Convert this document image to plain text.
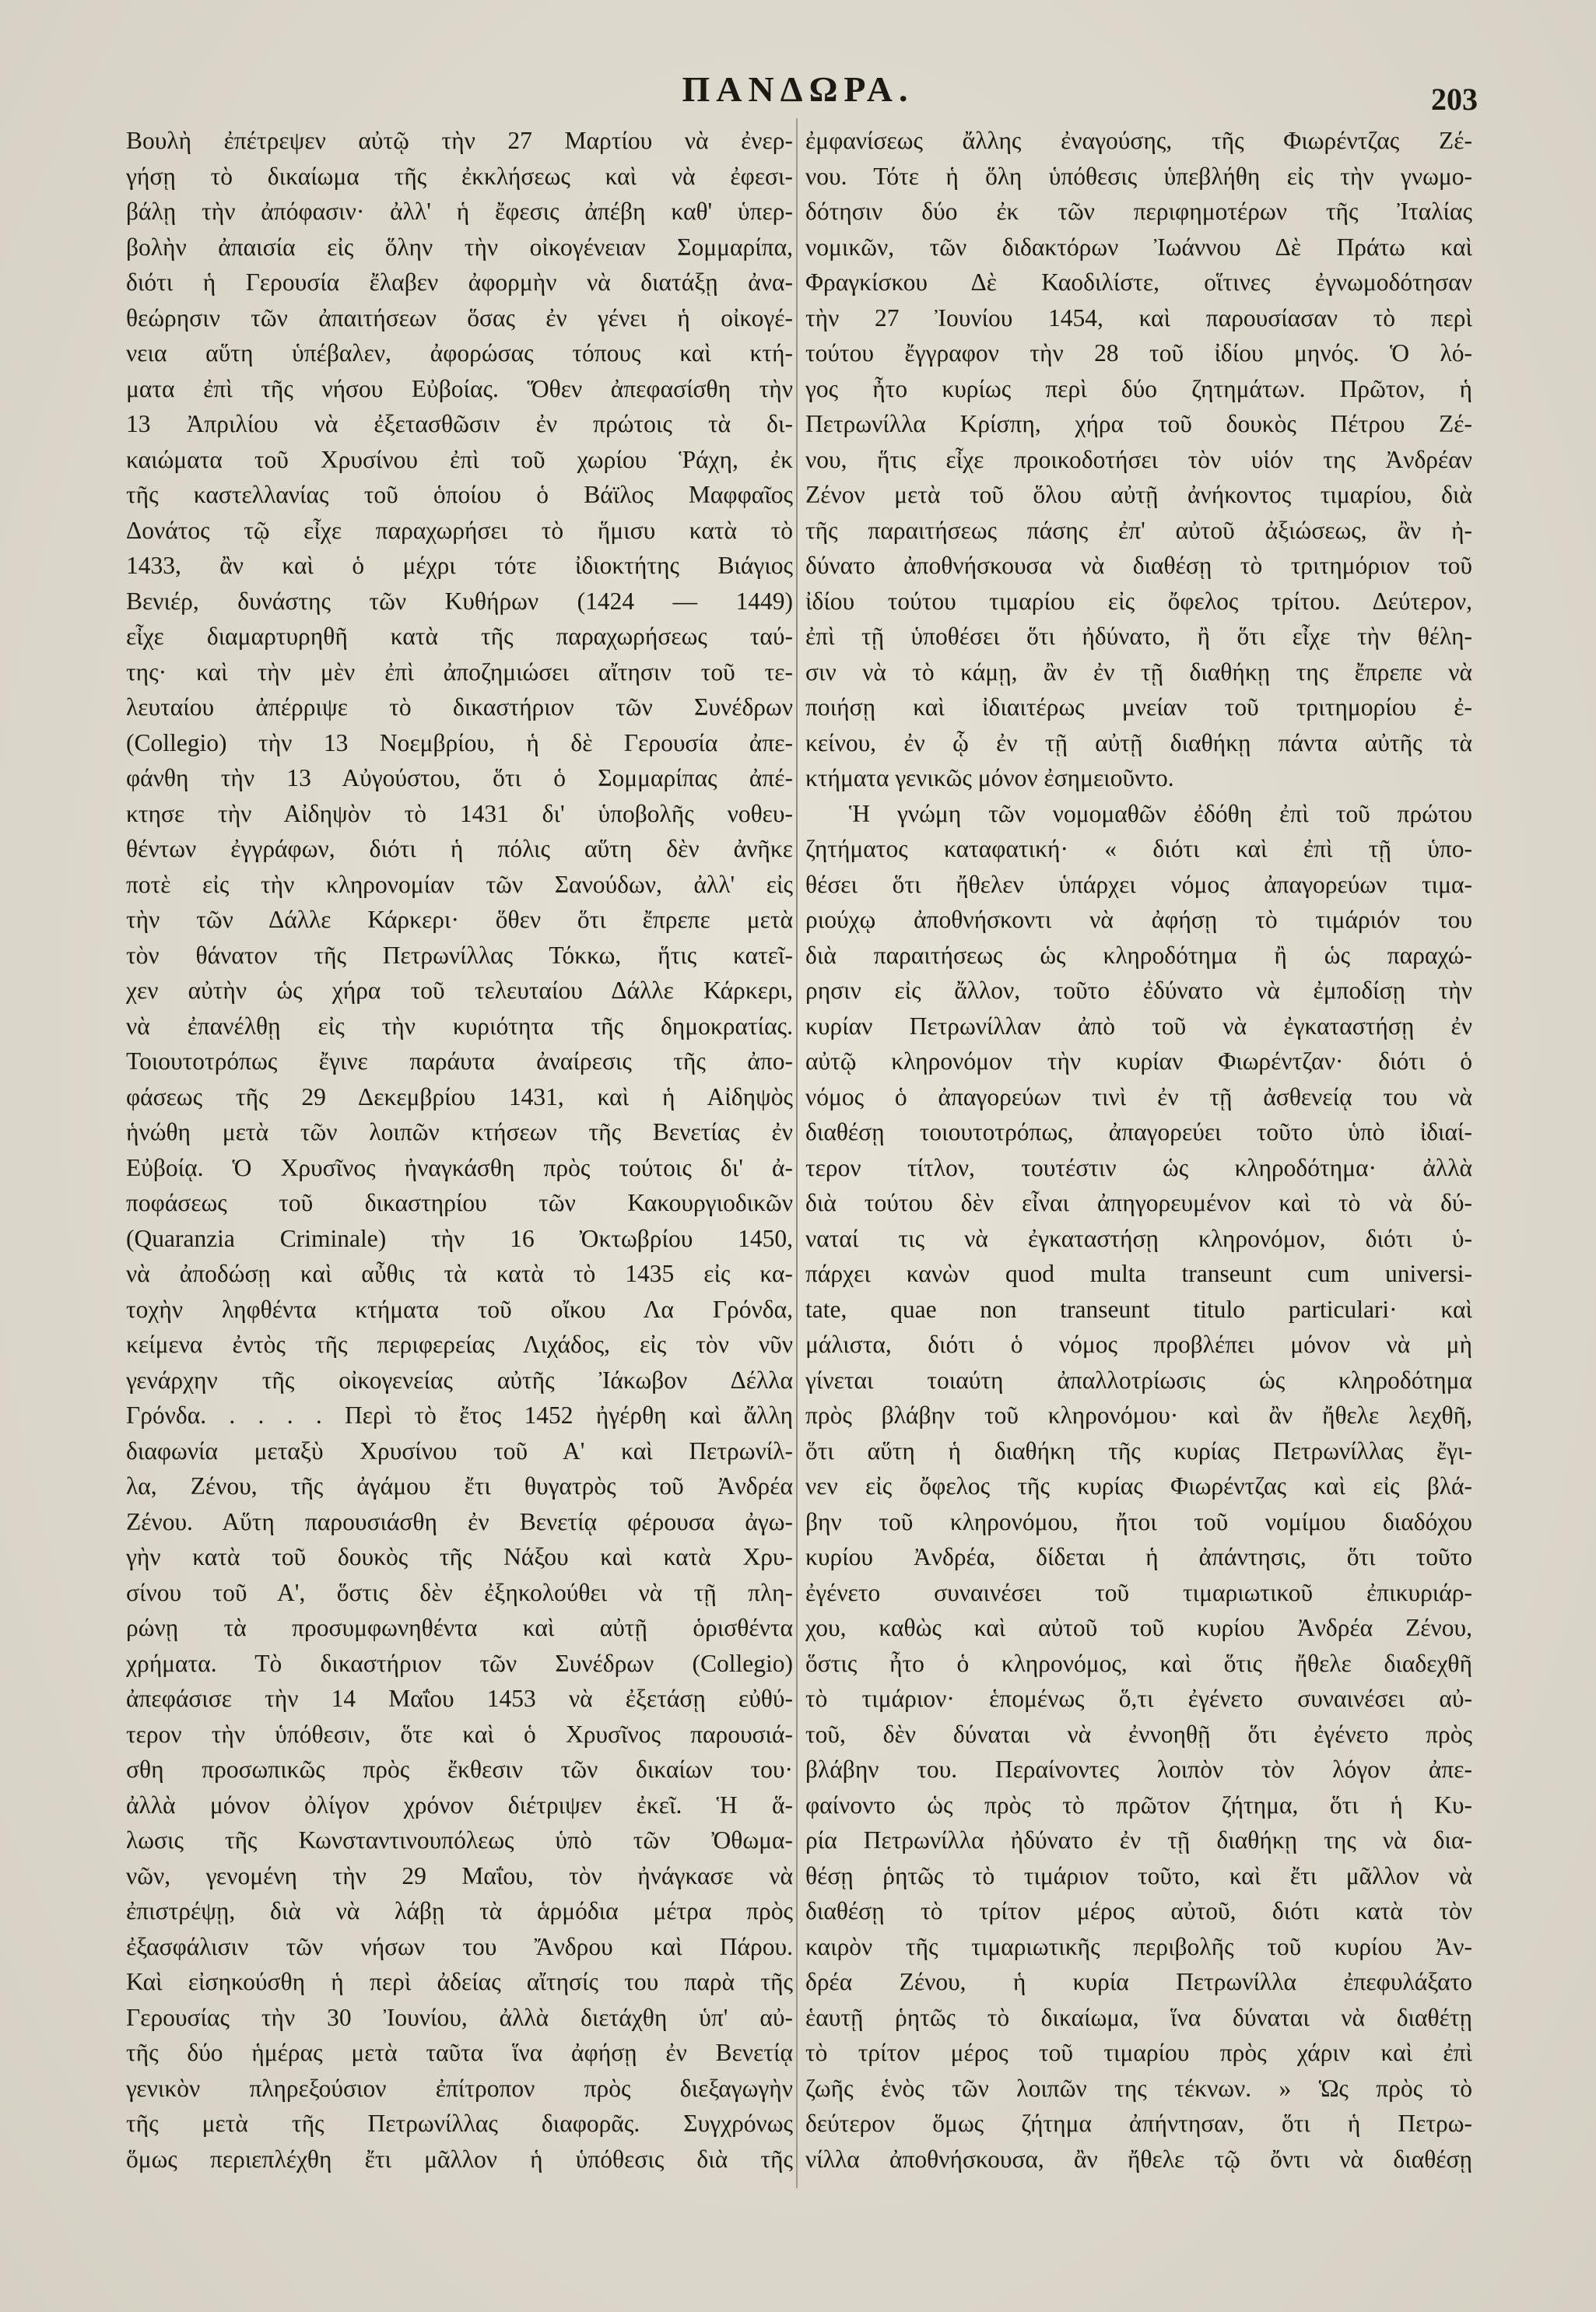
ΠΑΝΔΩΡΑ.	203

Βουλὴ ἐπέτρεψεν αὐτῷ τὴν 27 Μαρτίου νὰ ἐνερ-

γήσῃ τὸ δικαίωμα τῆς ἐκκλήσεως καὶ νὰ ἐφεσι-

βάλῃ τὴν ἀπόφασιν· ἀλλ' ἡ ἔφεσις ἀπέβη καθ' ὑπερ-

βολὴν ἀπαισία εἰς ὅλην τὴν οἰκογένειαν Σομμαρίπα,

διότι ἡ Γερουσία ἔλαβεν ἀφορμὴν νὰ διατάξῃ ἀνα-

θεώρησιν τῶν ἀπαιτήσεων ὅσας ἐν γένει ἡ οἰκογέ-

νεια αὕτη ὑπέβαλεν, ἀφορώσας τόπους καὶ κτή-

ματα ἐπὶ τῆς νήσου Εὐβοίας. Ὅθεν ἀπεφασίσθη τὴν

13 Ἀπριλίου νὰ ἐξετασθῶσιν ἐν πρώτοις τὰ δι-

καιώματα τοῦ Χρυσίνου ἐπὶ τοῦ χωρίου Ῥάχη, ἐκ

τῆς καστελλανίας τοῦ ὁποίου ὁ Βάϊλος Μαφφαῖος

Δονάτος τῷ εἶχε παραχωρήσει τὸ ἥμισυ κατὰ τὸ

1433, ἂν καὶ ὁ μέχρι τότε ἰδιοκτήτης Βιάγιος

Βενιέρ, δυνάστης τῶν Κυθήρων (1424 — 1449)

εἶχε διαμαρτυρηθῆ κατὰ τῆς παραχωρήσεως ταύ-

της· καὶ τὴν μὲν ἐπὶ ἀποζημιώσει αἴτησιν τοῦ τε-

λευταίου ἀπέρριψε τὸ δικαστήριον τῶν Συνέδρων

(Collegio) τὴν 13 Νοεμβρίου, ἡ δὲ Γερουσία ἀπε-

φάνθη τὴν 13 Αὐγούστου, ὅτι ὁ Σομμαρίπας ἀπέ-

κτησε τὴν Αἰδηψὸν τὸ 1431 δι' ὑποβολῆς νοθευ-

θέντων ἐγγράφων, διότι ἡ πόλις αὕτη δὲν ἀνῆκε

ποτὲ εἰς τὴν κληρονομίαν τῶν Σανούδων, ἀλλ' εἰς

τὴν τῶν Δάλλε Κάρκερι· ὅθεν ὅτι ἔπρεπε μετὰ

τὸν θάνατον τῆς Πετρωνίλλας Τόκκω, ἥτις κατεῖ-

χεν αὐτὴν ὡς χήρα τοῦ τελευταίου Δάλλε Κάρκερι,

νὰ ἐπανέλθῃ εἰς τὴν κυριότητα τῆς δημοκρατίας.

Τοιουτοτρόπως ἔγινε παράυτα ἀναίρεσις τῆς ἀπο-

φάσεως τῆς 29 Δεκεμβρίου 1431, καὶ ἡ Αἰδηψὸς

ἡνώθη μετὰ τῶν λοιπῶν κτήσεων τῆς Βενετίας ἐν

Εὐβοίᾳ. Ὁ Χρυσῖνος ἠναγκάσθη πρὸς τούτοις δι' ἀ-

ποφάσεως τοῦ δικαστηρίου τῶν Κακουργιοδικῶν

(Quaranzia Criminale) τὴν 16 Ὀκτωβρίου 1450,

νὰ ἀποδώσῃ καὶ αὖθις τὰ κατὰ τὸ 1435 εἰς κα-

τοχὴν ληφθέντα κτήματα τοῦ οἴκου Λα Γρόνδα,

κείμενα ἐντὸς τῆς περιφερείας Λιχάδος, εἰς τὸν νῦν

γενάρχην τῆς οἰκογενείας αὐτῆς Ἰάκωβον Δέλλα

Γρόνδα. . . . . Περὶ τὸ ἔτος 1452 ἠγέρθη καὶ ἄλλη

διαφωνία μεταξὺ Χρυσίνου τοῦ Α' καὶ Πετρωνίλ-

λα, Ζένου, τῆς ἀγάμου ἔτι θυγατρὸς τοῦ Ἀνδρέα

Ζένου. Αὕτη παρουσιάσθη ἐν Βενετίᾳ φέρουσα ἀγω-

γὴν κατὰ τοῦ δουκὸς τῆς Νάξου καὶ κατὰ Χρυ-

σίνου τοῦ Α', ὅστις δὲν ἐξηκολούθει νὰ τῇ πλη-

ρώνῃ τὰ προσυμφωνηθέντα καὶ αὐτῇ ὁρισθέντα

χρήματα. Τὸ δικαστήριον τῶν Συνέδρων (Collegio)

ἀπεφάσισε τὴν 14 Μαΐου 1453 νὰ ἐξετάσῃ εὐθύ-

τερον τὴν ὑπόθεσιν, ὅτε καὶ ὁ Χρυσῖνος παρουσιά-

σθη προσωπικῶς πρὸς ἔκθεσιν τῶν δικαίων του·

ἀλλὰ μόνον ὀλίγον χρόνον διέτριψεν ἐκεῖ. Ἡ ἅ-

λωσις τῆς Κωνσταντινουπόλεως ὑπὸ τῶν Ὀθωμα-

νῶν, γενομένη τὴν 29 Μαΐου, τὸν ἠνάγκασε νὰ

ἐπιστρέψῃ, διὰ νὰ λάβῃ τὰ ἁρμόδια μέτρα πρὸς

ἐξασφάλισιν τῶν νήσων του Ἄνδρου καὶ Πάρου.

Καὶ εἰσηκούσθη ἡ περὶ ἀδείας αἴτησίς του παρὰ τῆς

Γερουσίας τὴν 30 Ἰουνίου, ἀλλὰ διετάχθη ὑπ' αὐ-

τῆς δύο ἡμέρας μετὰ ταῦτα ἵνα ἀφήσῃ ἐν Βενετίᾳ

γενικὸν πληρεξούσιον ἐπίτροπον πρὸς διεξαγωγὴν

τῆς μετὰ τῆς Πετρωνίλλας διαφορᾶς. Συγχρόνως

ὅμως περιεπλέχθη ἔτι μᾶλλον ἡ ὑπόθεσις διὰ τῆς

ἐμφανίσεως ἄλλης ἐναγούσης, τῆς Φιωρέντζας Ζέ-

νου. Τότε ἡ ὅλη ὑπόθεσις ὑπεβλήθη εἰς τὴν γνωμο-

δότησιν δύο ἐκ τῶν περιφημοτέρων τῆς Ἰταλίας

νομικῶν, τῶν διδακτόρων Ἰωάννου Δὲ Πράτω καὶ

Φραγκίσκου Δὲ Καοδιλίστε, οἵτινες ἐγνωμοδότησαν

τὴν 27 Ἰουνίου 1454, καὶ παρουσίασαν τὸ περὶ

τούτου ἔγγραφον τὴν 28 τοῦ ἰδίου μηνός. Ὁ λό-

γος ἦτο κυρίως περὶ δύο ζητημάτων. Πρῶτον, ἡ

Πετρωνίλλα Κρίσπη, χήρα τοῦ δουκὸς Πέτρου Ζέ-

νου, ἥτις εἶχε προικοδοτήσει τὸν υἱόν της Ἀνδρέαν

Ζένον μετὰ τοῦ ὅλου αὐτῇ ἀνήκοντος τιμαρίου, διὰ

τῆς παραιτήσεως πάσης ἐπ' αὐτοῦ ἀξιώσεως, ἂν ἠ-

δύνατο ἀποθνήσκουσα νὰ διαθέσῃ τὸ τριτημόριον τοῦ

ἰδίου τούτου τιμαρίου εἰς ὄφελος τρίτου. Δεύτερον,

ἐπὶ τῇ ὑποθέσει ὅτι ἠδύνατο, ἢ ὅτι εἶχε τὴν θέλη-

σιν νὰ τὸ κάμῃ, ἂν ἐν τῇ διαθήκῃ της ἔπρεπε νὰ

ποιήσῃ καὶ ἰδιαιτέρως μνείαν τοῦ τριτημορίου ἐ-

κείνου, ἐν ᾧ ἐν τῇ αὐτῇ διαθήκῃ πάντα αὐτῆς τὰ

κτήματα γενικῶς μόνον ἐσημειοῦντο.

Ἡ γνώμη τῶν νομομαθῶν ἐδόθη ἐπὶ τοῦ πρώτου

ζητήματος καταφατική· « διότι καὶ ἐπὶ τῇ ὑπο-

θέσει ὅτι ἤθελεν ὑπάρχει νόμος ἀπαγορεύων τιμα-

ριούχῳ ἀποθνήσκοντι νὰ ἀφήσῃ τὸ τιμάριόν του

διὰ παραιτήσεως ὡς κληροδότημα ἢ ὡς παραχώ-

ρησιν εἰς ἄλλον, τοῦτο ἐδύνατο νὰ ἐμποδίσῃ τὴν

κυρίαν Πετρωνίλλαν ἀπὸ τοῦ νὰ ἐγκαταστήσῃ ἐν

αὐτῷ κληρονόμον τὴν κυρίαν Φιωρέντζαν· διότι ὁ

νόμος ὁ ἀπαγορεύων τινὶ ἐν τῇ ἀσθενείᾳ του νὰ

διαθέσῃ τοιουτοτρόπως, ἀπαγορεύει τοῦτο ὑπὸ ἰδιαί-

τερον τίτλον, τουτέστιν ὡς κληροδότημα· ἀλλὰ

διὰ τούτου δὲν εἶναι ἀπηγορευμένον καὶ τὸ νὰ δύ-

ναταί τις νὰ ἐγκαταστήσῃ κληρονόμον, διότι ὑ-

πάρχει κανὼν quod multa transeunt cum universi-

tate, quae non transeunt titulo particulari· καὶ

μάλιστα, διότι ὁ νόμος προβλέπει μόνον νὰ μὴ

γίνεται τοιαύτη ἀπαλλοτρίωσις ὡς κληροδότημα

πρὸς βλάβην τοῦ κληρονόμου· καὶ ἂν ἤθελε λεχθῆ,

ὅτι αὕτη ἡ διαθήκη τῆς κυρίας Πετρωνίλλας ἔγι-

νεν εἰς ὄφελος τῆς κυρίας Φιωρέντζας καὶ εἰς βλά-

βην τοῦ κληρονόμου, ἤτοι τοῦ νομίμου διαδόχου

κυρίου Ἀνδρέα, δίδεται ἡ ἀπάντησις, ὅτι τοῦτο

ἐγένετο συναινέσει τοῦ τιμαριωτικοῦ ἐπικυριάρ-

χου, καθὼς καὶ αὐτοῦ τοῦ κυρίου Ἀνδρέα Ζένου,

ὅστις ἦτο ὁ κληρονόμος, καὶ ὅτις ἤθελε διαδεχθῆ

τὸ τιμάριον· ἑπομένως ὅ,τι ἐγένετο συναινέσει αὐ-

τοῦ, δὲν δύναται νὰ ἐννοηθῇ ὅτι ἐγένετο πρὸς

βλάβην του. Περαίνοντες λοιπὸν τὸν λόγον ἀπε-

φαίνοντο ὡς πρὸς τὸ πρῶτον ζήτημα, ὅτι ἡ Κυ-

ρία Πετρωνίλλα ἠδύνατο ἐν τῇ διαθήκῃ της νὰ δια-

θέσῃ ῥητῶς τὸ τιμάριον τοῦτο, καὶ ἔτι μᾶλλον νὰ

διαθέσῃ τὸ τρίτον μέρος αὐτοῦ, διότι κατὰ τὸν

καιρὸν τῆς τιμαριωτικῆς περιβολῆς τοῦ κυρίου Ἀν-

δρέα Ζένου, ἡ κυρία Πετρωνίλλα ἐπεφυλάξατο

ἑαυτῇ ῥητῶς τὸ δικαίωμα, ἵνα δύναται νὰ διαθέτῃ

τὸ τρίτον μέρος τοῦ τιμαρίου πρὸς χάριν καὶ ἐπὶ

ζωῆς ἑνὸς τῶν λοιπῶν της τέκνων. » Ὡς πρὸς τὸ

δεύτερον ὅμως ζήτημα ἀπήντησαν, ὅτι ἡ Πετρω-

νίλλα ἀποθνήσκουσα, ἂν ἤθελε τῷ ὄντι νὰ διαθέσῃ
